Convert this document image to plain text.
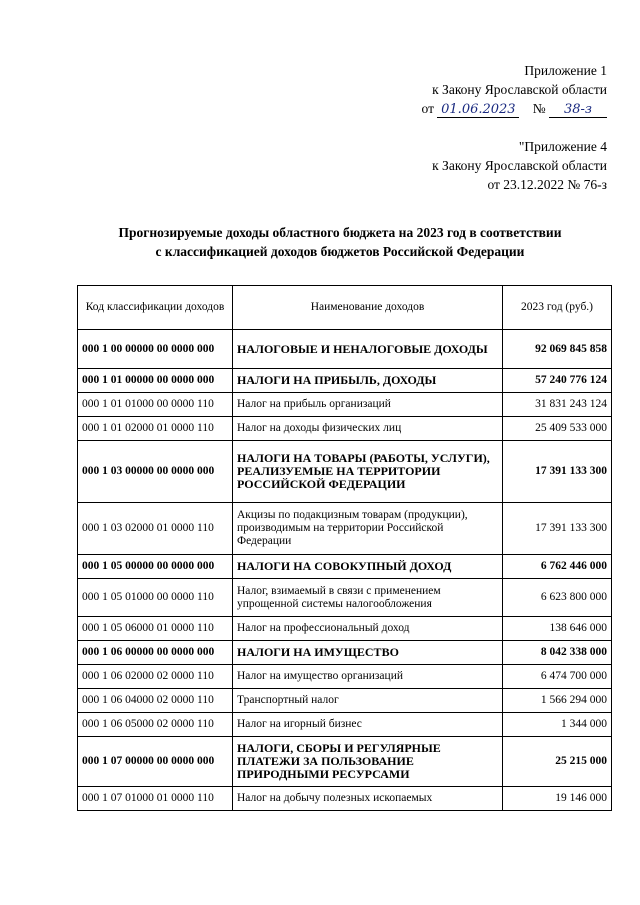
Приложение 1
к Закону Ярославской области
от 01.06.2023 № 38-з
"Приложение 4
к Закону Ярославской области
от 23.12.2022 № 76-з
Прогнозируемые доходы областного бюджета на 2023 год в соответствии
с классификацией доходов бюджетов Российской Федерации
Код классификации доходов	Наименование доходов	2023 год (руб.)
000 1 00 00000 00 0000 000	НАЛОГОВЫЕ И НЕНАЛОГОВЫЕ ДОХОДЫ	92 069 845 858
000 1 01 00000 00 0000 000	НАЛОГИ НА ПРИБЫЛЬ, ДОХОДЫ	57 240 776 124
000 1 01 01000 00 0000 110	Налог на прибыль организаций	31 831 243 124
000 1 01 02000 01 0000 110	Налог на доходы физических лиц	25 409 533 000
000 1 03 00000 00 0000 000	НАЛОГИ НА ТОВАРЫ (РАБОТЫ, УСЛУГИ), РЕАЛИЗУЕМЫЕ НА ТЕРРИТОРИИ РОССИЙСКОЙ ФЕДЕРАЦИИ	17 391 133 300
000 1 03 02000 01 0000 110	Акцизы по подакцизным товарам (продукции), производимым на территории Российской Федерации	17 391 133 300
000 1 05 00000 00 0000 000	НАЛОГИ НА СОВОКУПНЫЙ ДОХОД	6 762 446 000
000 1 05 01000 00 0000 110	Налог, взимаемый в связи с применением упрощенной системы налогообложения	6 623 800 000
000 1 05 06000 01 0000 110	Налог на профессиональный доход	138 646 000
000 1 06 00000 00 0000 000	НАЛОГИ НА ИМУЩЕСТВО	8 042 338 000
000 1 06 02000 02 0000 110	Налог на имущество организаций	6 474 700 000
000 1 06 04000 02 0000 110	Транспортный налог	1 566 294 000
000 1 06 05000 02 0000 110	Налог на игорный бизнес	1 344 000
000 1 07 00000 00 0000 000	НАЛОГИ, СБОРЫ И РЕГУЛЯРНЫЕ ПЛАТЕЖИ ЗА ПОЛЬЗОВАНИЕ ПРИРОДНЫМИ РЕСУРСАМИ	25 215 000
000 1 07 01000 01 0000 110	Налог на добычу полезных ископаемых	19 146 000
